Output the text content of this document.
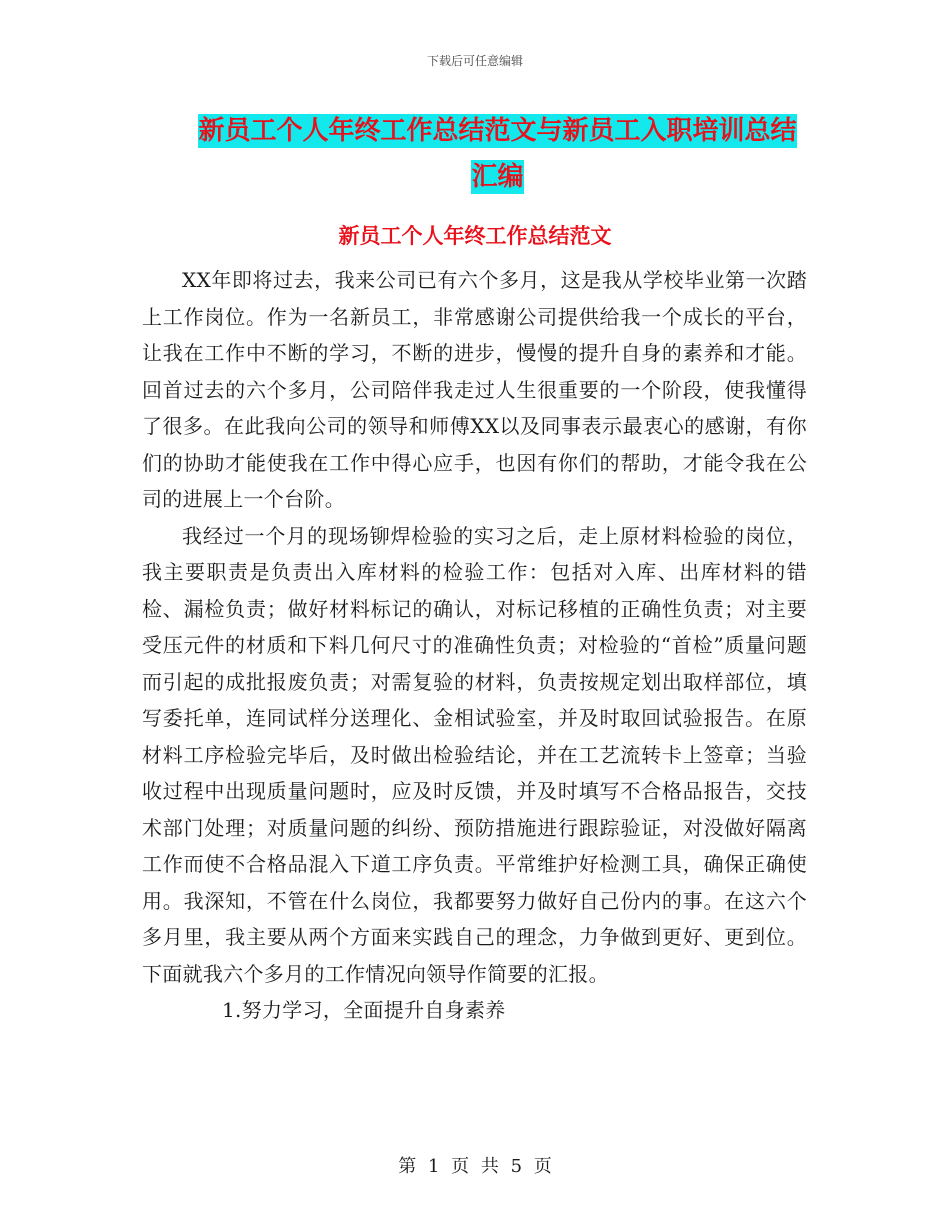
下载后可任意编辑
新员工个人年终工作总结范文与新员工入职培训总结汇编
新员工个人年终工作总结范文

XX年即将过去，我来公司已有六个多月，这是我从学校毕业第一次踏上工作岗位。作为一名新员工，非常感谢公司提供给我一个成长的平台，让我在工作中不断的学习，不断的进步，慢慢的提升自身的素养和才能。回首过去的六个多月，公司陪伴我走过人生很重要的一个阶段，使我懂得了很多。在此我向公司的领导和师傅XX以及同事表示最衷心的感谢，有你们的协助才能使我在工作中得心应手，也因有你们的帮助，才能令我在公司的进展上一个台阶。

我经过一个月的现场铆焊检验的实习之后，走上原材料检验的岗位，我主要职责是负责出入库材料的检验工作：包括对入库、出库材料的错检、漏检负责；做好材料标记的确认，对标记移植的正确性负责；对主要受压元件的材质和下料几何尺寸的准确性负责；对检验的“首检”质量问题而引起的成批报废负责；对需复验的材料，负责按规定划出取样部位，填写委托单，连同试样分送理化、金相试验室，并及时取回试验报告。在原材料工序检验完毕后，及时做出检验结论，并在工艺流转卡上签章；当验收过程中出现质量问题时，应及时反馈，并及时填写不合格品报告，交技术部门处理；对质量问题的纠纷、预防措施进行跟踪验证，对没做好隔离工作而使不合格品混入下道工序负责。平常维护好检测工具，确保正确使用。我深知，不管在什么岗位，我都要努力做好自己份内的事。在这六个多月里，我主要从两个方面来实践自己的理念，力争做到更好、更到位。下面就我六个多月的工作情况向领导作简要的汇报。

1.努力学习，全面提升自身素养

第 1 页 共 5 页
